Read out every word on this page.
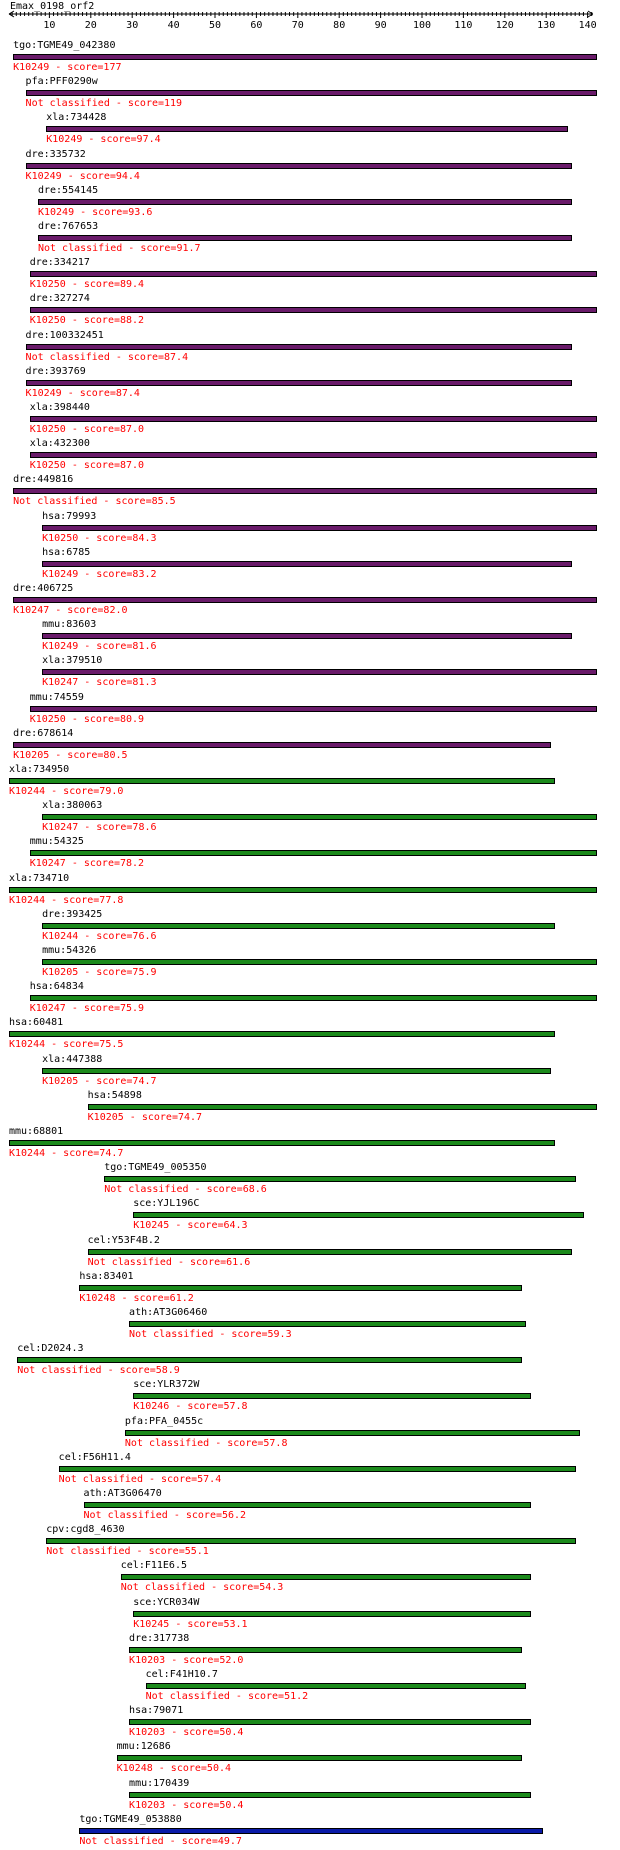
Emax_0198_orf2
10	20	30	40	50	60	70	80	90	100 110 120 130 140
tgo:TGME49_042380
K10249 - score=177
pfa:PFF0290w
Not classified - score=119
xla:734428
K10249 - score=97.4
dre:335732
K10249 - score=94.4
dre:554145
K10249 - score=93.6
dre:767653
Not classified - score=91.7
dre:334217
K10250 - score=89.4
dre:327274
K10250 - score=88.2
dre:100332451
Not classified - score=87.4
dre:393769
K10249 - score=87.4
xla:398440
K10250 - score=87.0
xla:432300
K10250 - score=87.0
dre:449816
Not classified - score=85.5
hsa:79993
K10250 - score=84.3
hsa:6785
K10249 - score=83.2
dre:406725
K10247 - score=82.0
mmu:83603
K10249 - score=81.6
xla:379510
K10247 - score=81.3
mmu:74559
K10250 - score=80.9
dre:678614
K10205 - score=80.5
xla:734950
K10244 - score=79.0
xla:380063
K10247 - score=78.6
mmu:54325
K10247 - score=78.2
xla:734710
K10244 - score=77.8
dre:393425
K10244 - score=76.6
mmu:54326
K10205 - score=75.9
hsa:64834
K10247 - score=75.9
hsa:60481
K10244 - score=75.5
xla:447388
K10205 - score=74.7
hsa:54898
K10205 - score=74.7
mmu:68801
K10244 - score=74.7
tgo:TGME49_005350
Not classified - score=68.6
sce:YJL196C
K10245 - score=64.3
cel:Y53F4B.2
Not classified - score=61.6
hsa:83401
K10248 - score=61.2
ath:AT3G06460
Not classified - score=59.3
cel:D2024.3
Not classified - score=58.9
sce:YLR372W
K10246 - score=57.8
pfa:PFA_0455c
Not classified - score=57.8
cel:F56H11.4
Not classified - score=57.4
ath:AT3G06470
Not classified - score=56.2
cpv:cgd8_4630
Not classified - score=55.1
cel:F11E6.5
Not classified - score=54.3
sce:YCR034W
K10245 - score=53.1
dre:317738
K10203 - score=52.0
cel:F41H10.7
Not classified - score=51.2
hsa:79071
K10203 - score=50.4
mmu:12686
K10248 - score=50.4
mmu:170439
K10203 - score=50.4
tgo:TGME49_053880
Not classified - score=49.7
